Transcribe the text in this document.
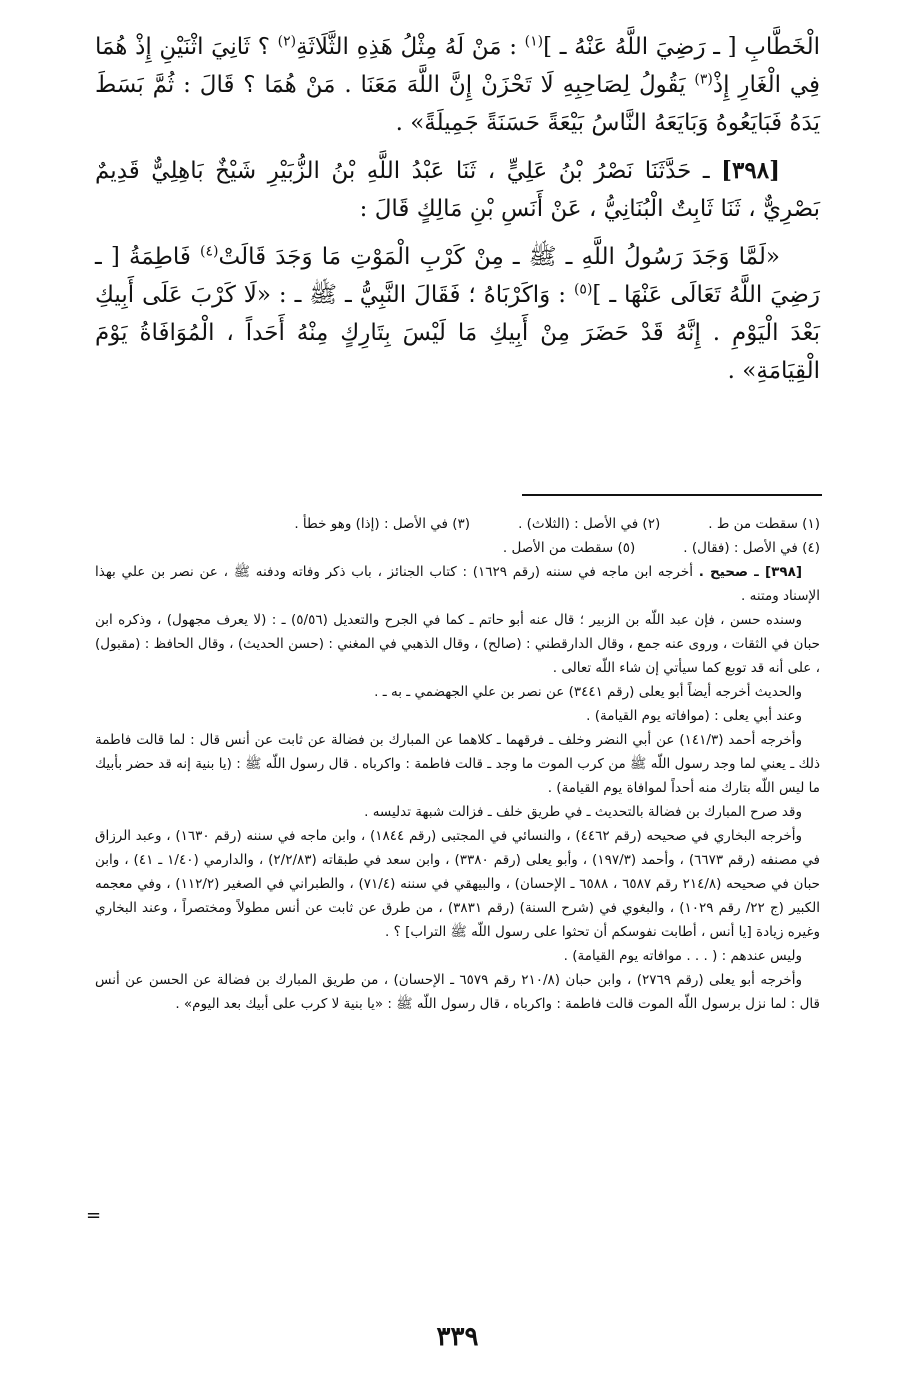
الْخَطَّابِ [ ـ رَضِيَ اللَّهُ عَنْهُ ـ ]$^{(١)}$ : مَنْ لَهُ مِثْلُ هَذِهِ الثَّلَاثَةِ$^{(٢)}$ ؟ ثَانِيَ اثْنَيْنِ إِذْ هُمَا فِي الْغَارِ إِذْ$^{(٣)}$ يَقُولُ لِصَاحِبِهِ لَا تَحْزَنْ إِنَّ اللَّهَ مَعَنَا . مَنْ هُمَا ؟ قَالَ : ثُمَّ بَسَطَ يَدَهُ فَبَايَعُوهُ وَبَايَعَهُ النَّاسُ بَيْعَةً حَسَنَةً جَمِيلَةً» .

[٣٩٨] ـ حَدَّثَنَا نَصْرُ بْنُ عَلِيٍّ ، ثَنَا عَبْدُ اللَّهِ بْنُ الزُّبَيْرِ شَيْخٌ بَاهِلِيٌّ قَدِيمٌ بَصْرِيٌّ ، ثَنَا ثَابِتٌ الْبُنَانِيُّ ، عَنْ أَنَسِ بْنِ مَالِكٍ قَالَ :

«لَمَّا وَجَدَ رَسُولُ اللَّهِ ـ ﷺ ـ مِنْ كَرْبِ الْمَوْتِ مَا وَجَدَ قَالَتْ$^{(٤)}$ فَاطِمَةُ [ ـ رَضِيَ اللَّهُ تَعَالَى عَنْهَا ـ ]$^{(٥)}$ : وَاكَرْبَاهُ ؛ فَقَالَ النَّبِيُّ ـ ﷺ ـ : «لَا كَرْبَ عَلَى أَبِيكِ بَعْدَ الْيَوْمِ . إِنَّهُ قَدْ حَضَرَ مِنْ أَبِيكِ مَا لَيْسَ بِتَارِكٍ مِنْهُ أَحَداً ، الْمُوَافَاةُ يَوْمَ الْقِيَامَةِ» .

(١) سقطت من ط .
(٢) في الأصل : (الثلاث) .
(٣) في الأصل : (إذا) وهو خطأ .
(٤) في الأصل : (فقال) .
(٥) سقطت من الأصل .

[٣٩٨] ـ صحيح . أخرجه ابن ماجه في سننه (رقم ١٦٢٩) : كتاب الجنائز ، باب ذكر وفاته ودفنه ﷺ ، عن نصر بن علي بهذا الإسناد ومتنه .

وسنده حسن ، فإن عبد اللّه بن الزبير ؛ قال عنه أبو حاتم ـ كما في الجرح والتعديل (٥/٥٦) ـ : (لا يعرف مجهول) ، وذكره ابن حبان في الثقات ، وروى عنه جمع ، وقال الدارقطني : (صالح) ، وقال الذهبي في المغني : (حسن الحديث) ، وقال الحافظ : (مقبول) ، على أنه قد توبع كما سيأتي إن شاء اللّه تعالى .

والحديث أخرجه أيضاً أبو يعلى (رقم ٣٤٤١) عن نصر بن علي الجهضمي ـ به ـ .

وعند أبي يعلى : (موافاته يوم القيامة) .

وأخرجه أحمد (١٤١/٣) عن أبي النضر وخلف ـ فرقهما ـ كلاهما عن المبارك بن فضالة عن ثابت عن أنس قال : لما قالت فاطمة ذلك ـ يعني لما وجد رسول اللّه ﷺ من كرب الموت ما وجد ـ قالت فاطمة : واكرباه . قال رسول اللّه ﷺ : (يا بنية إنه قد حضر بأبيك ما ليس اللّه بتارك منه أحداً لموافاة يوم القيامة) .

وقد صرح المبارك بن فضالة بالتحديث ـ في طريق خلف ـ فزالت شبهة تدليسه .

وأخرجه البخاري في صحيحه (رقم ٤٤٦٢) ، والنسائي في المجتبى (رقم ١٨٤٤) ، وابن ماجه في سننه (رقم ١٦٣٠) ، وعبد الرزاق في مصنفه (رقم ٦٦٧٣) ، وأحمد (١٩٧/٣) ، وأبو يعلى (رقم ٣٣٨٠) ، وابن سعد في طبقاته (٢/٢/٨٣) ، والدارمي (١/٤٠ ـ ٤١) ، وابن حبان في صحيحه (٢١٤/٨ رقم ٦٥٨٧ ، ٦٥٨٨ ـ الإحسان) ، والبيهقي في سننه (٧١/٤) ، والطبراني في الصغير (١١٢/٢) ، وفي معجمه الكبير (ج ٢٢/ رقم ١٠٢٩) ، والبغوي في (شرح السنة) (رقم ٣٨٣١) ، من طرق عن ثابت عن أنس مطولاً ومختصراً ، وعند البخاري وغيره زيادة [يا أنس ، أطابت نفوسكم أن تحثوا على رسول اللّه ﷺ التراب] ؟ .

وليس عندهم : ( . . . موافاته يوم القيامة) .

وأخرجه أبو يعلى (رقم ٢٧٦٩) ، وابن حبان (٢١٠/٨ رقم ٦٥٧٩ ـ الإحسان) ، من طريق المبارك بن فضالة عن الحسن عن أنس قال : لما نزل برسول اللّه الموت قالت فاطمة : واكرباه ، قال رسول اللّه ﷺ : «يا بنية لا كرب على أبيك بعد اليوم» .

=
٣٣٩
